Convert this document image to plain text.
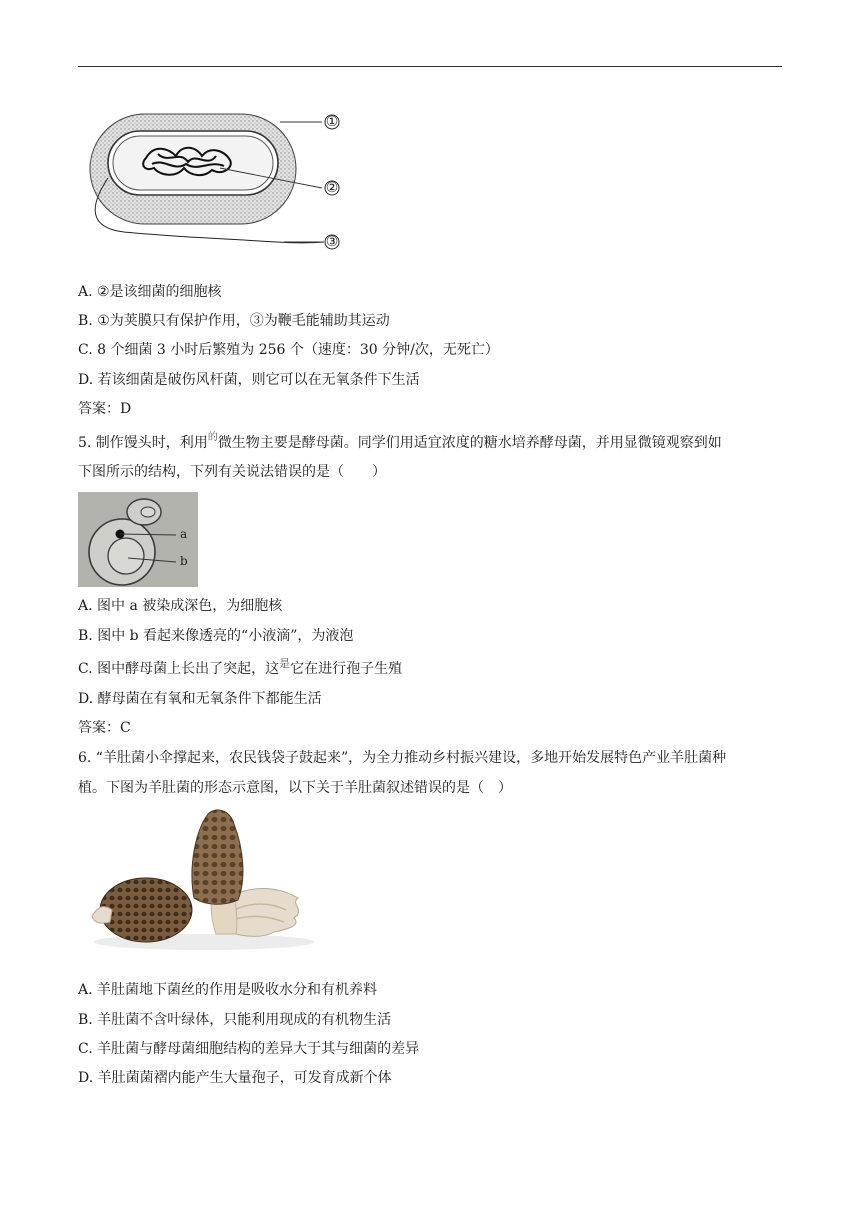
①
②
③
A. ②是该细菌的细胞核
B. ①为荚膜只有保护作用，③为鞭毛能辅助其运动
C. 8 个细菌 3 小时后繁殖为 256 个（速度：30 分钟/次，无死亡）
D. 若该细菌是破伤风杆菌，则它可以在无氧条件下生活
答案：D
5. 制作馒头时，利用$^的$微生物主要是酵母菌。同学们用适宜浓度的糖水培养酵母菌，并用显微镜观察到如
下图所示的结构，下列有关说法错误的是（　　）
a
b
A. 图中 a 被染成深色，为细胞核
B. 图中 b 看起来像透亮的“小液滴”，为液泡
C. 图中酵母菌上长出了突起，这$^是$它在进行孢子生殖
D. 酵母菌在有氧和无氧条件下都能生活
答案：C
6. “羊肚菌小伞撑起来，农民钱袋子鼓起来”，为全力推动乡村振兴建设，多地开始发展特色产业羊肚菌种
植。下图为羊肚菌的形态示意图，以下关于羊肚菌叙述错误的是（　）
A. 羊肚菌地下菌丝的作用是吸收水分和有机养料
B. 羊肚菌不含叶绿体，只能利用现成的有机物生活
C. 羊肚菌与酵母菌细胞结构的差异大于其与细菌的差异
D. 羊肚菌菌褶内能产生大量孢子，可发育成新个体
